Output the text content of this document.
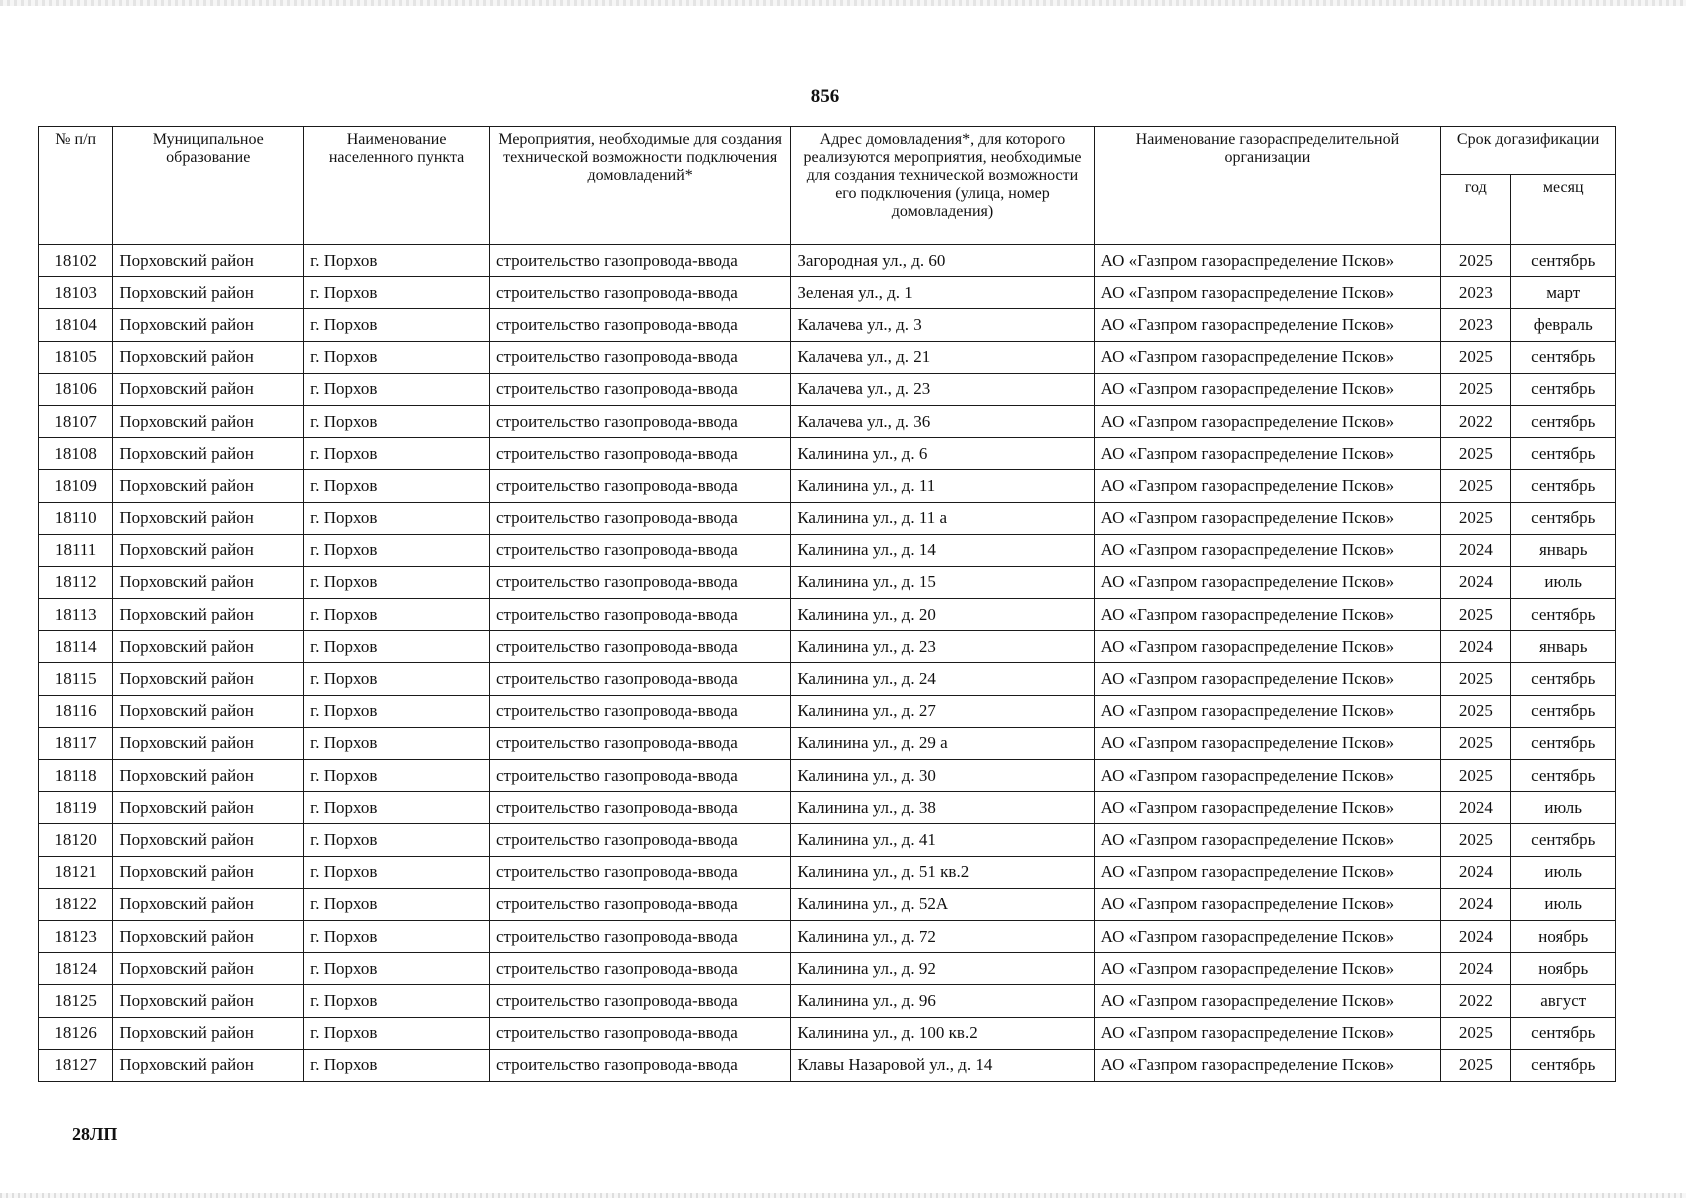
856
№ п/п	Муниципальное образование	Наименование населенного пункта	Мероприятия, необходимые для создания технической возможности подключения домовладений*	Адрес домовладения*, для которого реализуются мероприятия, необходимые для создания технической возможности его подключения (улица, номер домовладения)	Наименование газораспределительной организации	Срок догазификации	
						год	месяц
18102	Порховский район	г. Порхов	строительство газопровода-ввода	Загородная ул., д. 60	АО «Газпром газораспределение Псков»	2025	сентябрь
18103	Порховский район	г. Порхов	строительство газопровода-ввода	Зеленая ул., д. 1	АО «Газпром газораспределение Псков»	2023	март
18104	Порховский район	г. Порхов	строительство газопровода-ввода	Калачева ул., д. 3	АО «Газпром газораспределение Псков»	2023	февраль
18105	Порховский район	г. Порхов	строительство газопровода-ввода	Калачева ул., д. 21	АО «Газпром газораспределение Псков»	2025	сентябрь
18106	Порховский район	г. Порхов	строительство газопровода-ввода	Калачева ул., д. 23	АО «Газпром газораспределение Псков»	2025	сентябрь
18107	Порховский район	г. Порхов	строительство газопровода-ввода	Калачева ул., д. 36	АО «Газпром газораспределение Псков»	2022	сентябрь
18108	Порховский район	г. Порхов	строительство газопровода-ввода	Калинина ул., д. 6	АО «Газпром газораспределение Псков»	2025	сентябрь
18109	Порховский район	г. Порхов	строительство газопровода-ввода	Калинина ул., д. 11	АО «Газпром газораспределение Псков»	2025	сентябрь
18110	Порховский район	г. Порхов	строительство газопровода-ввода	Калинина ул., д. 11 а	АО «Газпром газораспределение Псков»	2025	сентябрь
18111	Порховский район	г. Порхов	строительство газопровода-ввода	Калинина ул., д. 14	АО «Газпром газораспределение Псков»	2024	январь
18112	Порховский район	г. Порхов	строительство газопровода-ввода	Калинина ул., д. 15	АО «Газпром газораспределение Псков»	2024	июль
18113	Порховский район	г. Порхов	строительство газопровода-ввода	Калинина ул., д. 20	АО «Газпром газораспределение Псков»	2025	сентябрь
18114	Порховский район	г. Порхов	строительство газопровода-ввода	Калинина ул., д. 23	АО «Газпром газораспределение Псков»	2024	январь
18115	Порховский район	г. Порхов	строительство газопровода-ввода	Калинина ул., д. 24	АО «Газпром газораспределение Псков»	2025	сентябрь
18116	Порховский район	г. Порхов	строительство газопровода-ввода	Калинина ул., д. 27	АО «Газпром газораспределение Псков»	2025	сентябрь
18117	Порховский район	г. Порхов	строительство газопровода-ввода	Калинина ул., д. 29 а	АО «Газпром газораспределение Псков»	2025	сентябрь
18118	Порховский район	г. Порхов	строительство газопровода-ввода	Калинина ул., д. 30	АО «Газпром газораспределение Псков»	2025	сентябрь
18119	Порховский район	г. Порхов	строительство газопровода-ввода	Калинина ул., д. 38	АО «Газпром газораспределение Псков»	2024	июль
18120	Порховский район	г. Порхов	строительство газопровода-ввода	Калинина ул., д. 41	АО «Газпром газораспределение Псков»	2025	сентябрь
18121	Порховский район	г. Порхов	строительство газопровода-ввода	Калинина ул., д. 51 кв.2	АО «Газпром газораспределение Псков»	2024	июль
18122	Порховский район	г. Порхов	строительство газопровода-ввода	Калинина ул., д. 52А	АО «Газпром газораспределение Псков»	2024	июль
18123	Порховский район	г. Порхов	строительство газопровода-ввода	Калинина ул., д. 72	АО «Газпром газораспределение Псков»	2024	ноябрь
18124	Порховский район	г. Порхов	строительство газопровода-ввода	Калинина ул., д. 92	АО «Газпром газораспределение Псков»	2024	ноябрь
18125	Порховский район	г. Порхов	строительство газопровода-ввода	Калинина ул., д. 96	АО «Газпром газораспределение Псков»	2022	август
18126	Порховский район	г. Порхов	строительство газопровода-ввода	Калинина ул., д. 100 кв.2	АО «Газпром газораспределение Псков»	2025	сентябрь
18127	Порховский район	г. Порхов	строительство газопровода-ввода	Клавы Назаровой ул., д. 14	АО «Газпром газораспределение Псков»	2025	сентябрь
28ЛП
